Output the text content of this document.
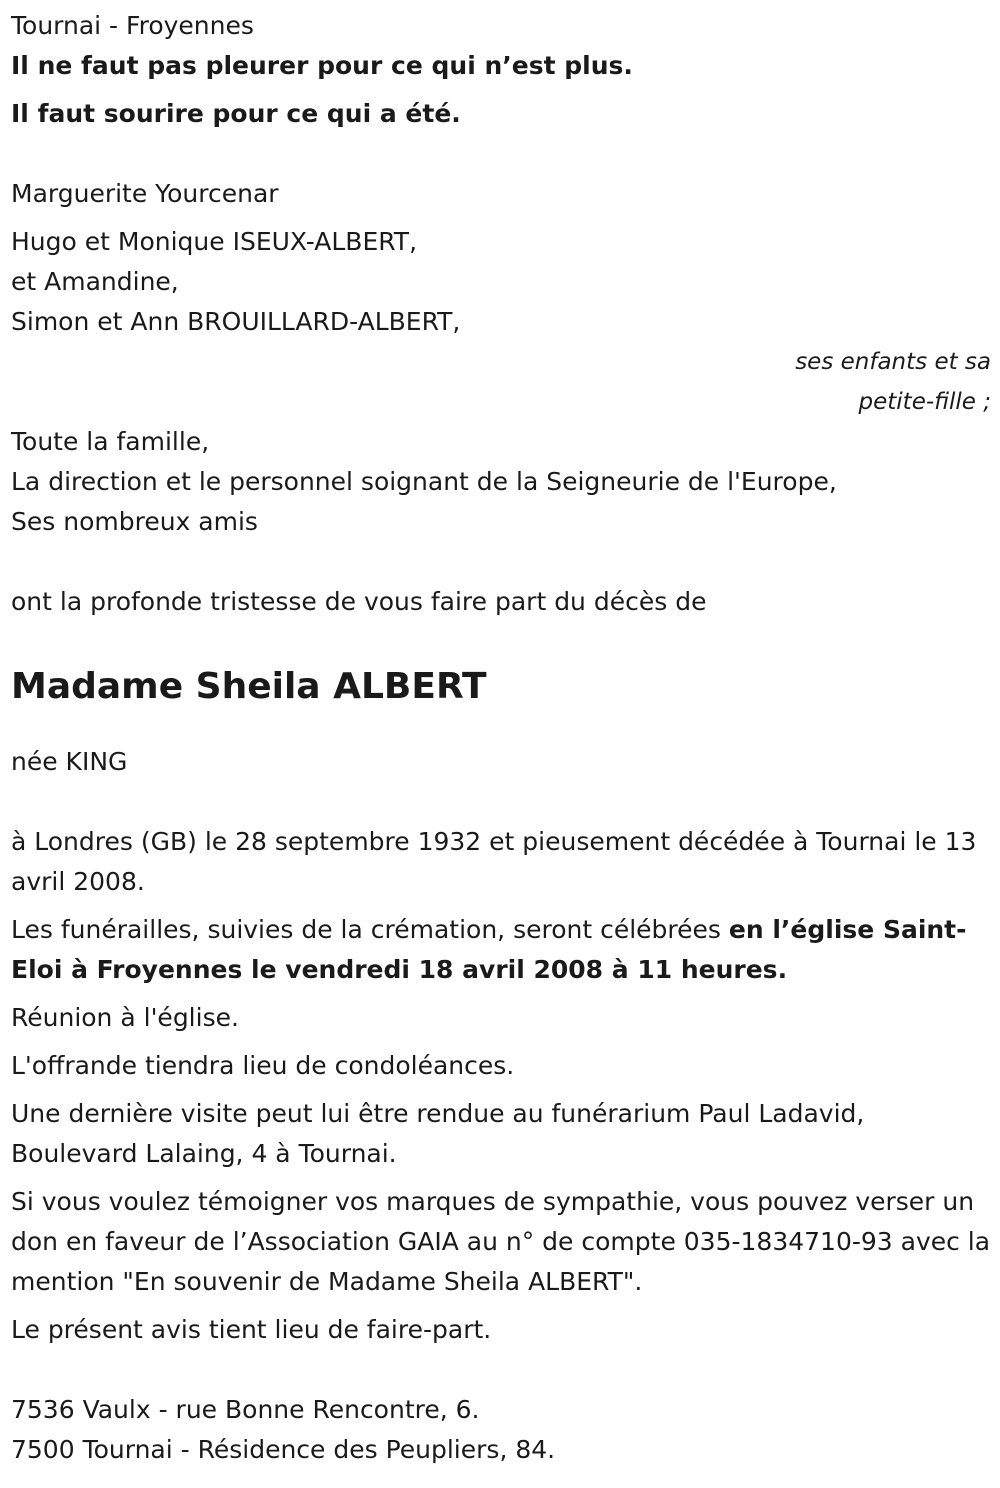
Tournai - Froyennes

Il ne faut pas pleurer pour ce qui n’est plus.

Il faut sourire pour ce qui a été.

Marguerite Yourcenar

Hugo et Monique ISEUX-ALBERT,

et Amandine,

Simon et Ann BROUILLARD-ALBERT,

ses enfants et sa

petite-fille ;

Toute la famille,

La direction et le personnel soignant de la Seigneurie de l'Europe,

Ses nombreux amis

ont la profonde tristesse de vous faire part du décès de

Madame Sheila ALBERT

née KING

à Londres (GB) le 28 septembre 1932 et pieusement décédée à Tournai le 13 avril 2008.

Les funérailles, suivies de la crémation, seront célébrées en l’église Saint-Eloi à Froyennes le vendredi 18 avril 2008 à 11 heures.

Réunion à l'église.

L'offrande tiendra lieu de condoléances.

Une dernière visite peut lui être rendue au funérarium Paul Ladavid, Boulevard Lalaing, 4 à Tournai.

Si vous voulez témoigner vos marques de sympathie, vous pouvez verser un don en faveur de l’Association GAIA au n° de compte 035-1834710-93 avec la mention "En souvenir de Madame Sheila ALBERT".

Le présent avis tient lieu de faire-part.

7536 Vaulx - rue Bonne Rencontre, 6.

7500 Tournai - Résidence des Peupliers, 84.
